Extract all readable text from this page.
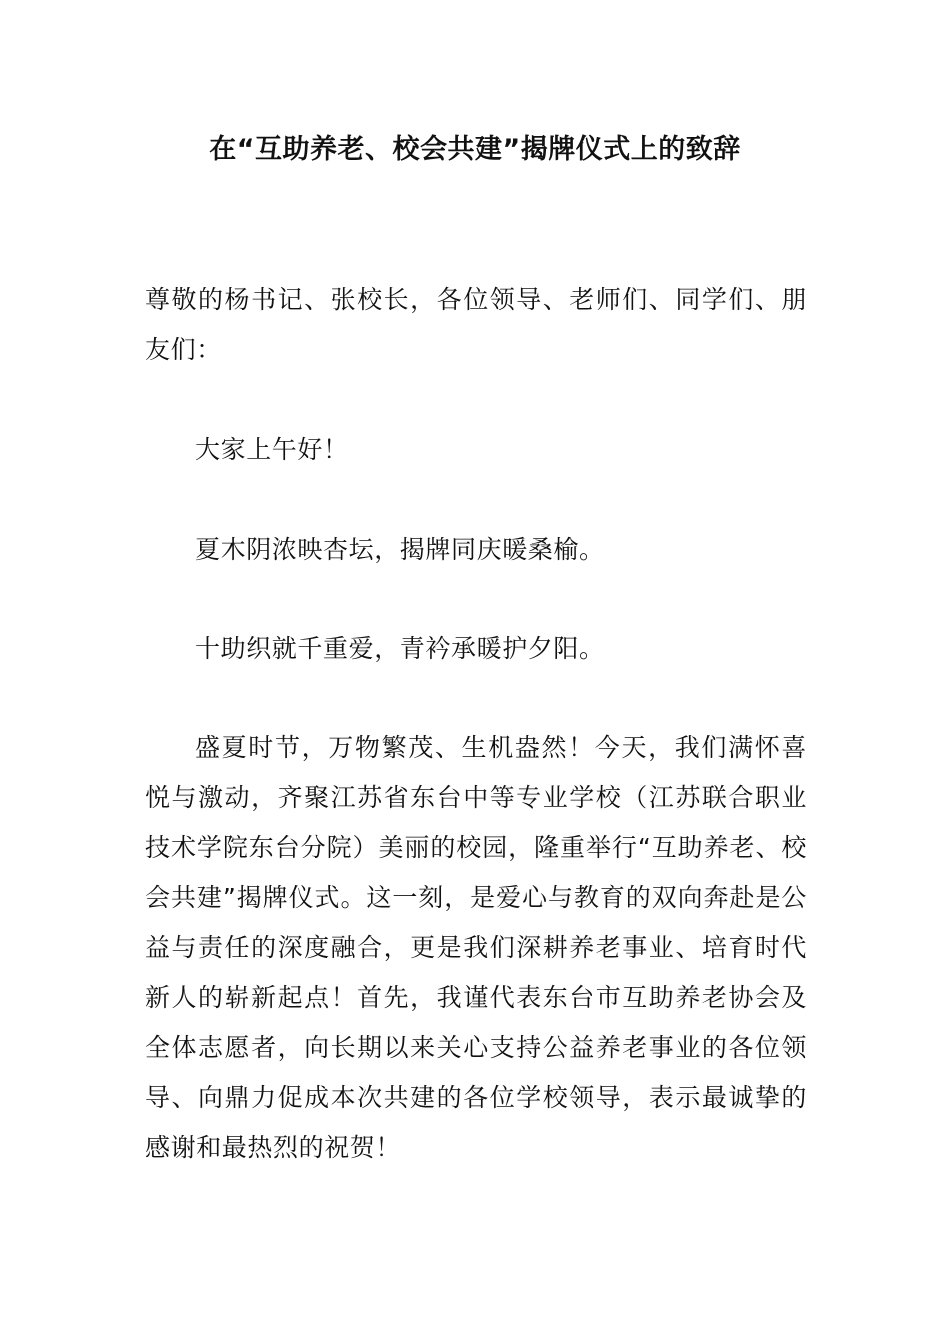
在“互助养老、校会共建”揭牌仪式上的致辞

尊敬的杨书记、张校长，各位领导、老师们、同学们、朋友们：

大家上午好！

夏木阴浓映杏坛，揭牌同庆暖桑榆。

十助织就千重爱，青衿承暖护夕阳。

盛夏时节，万物繁茂、生机盎然！今天，我们满怀喜悦与激动，齐聚江苏省东台中等专业学校（江苏联合职业技术学院东台分院）美丽的校园，隆重举行“互助养老、校会共建”揭牌仪式。这一刻，是爱心与教育的双向奔赴是公益与责任的深度融合，更是我们深耕养老事业、培育时代新人的崭新起点！首先，我谨代表东台市互助养老协会及全体志愿者，向长期以来关心支持公益养老事业的各位领导、向鼎力促成本次共建的各位学校领导，表示最诚挚的感谢和最热烈的祝贺！
